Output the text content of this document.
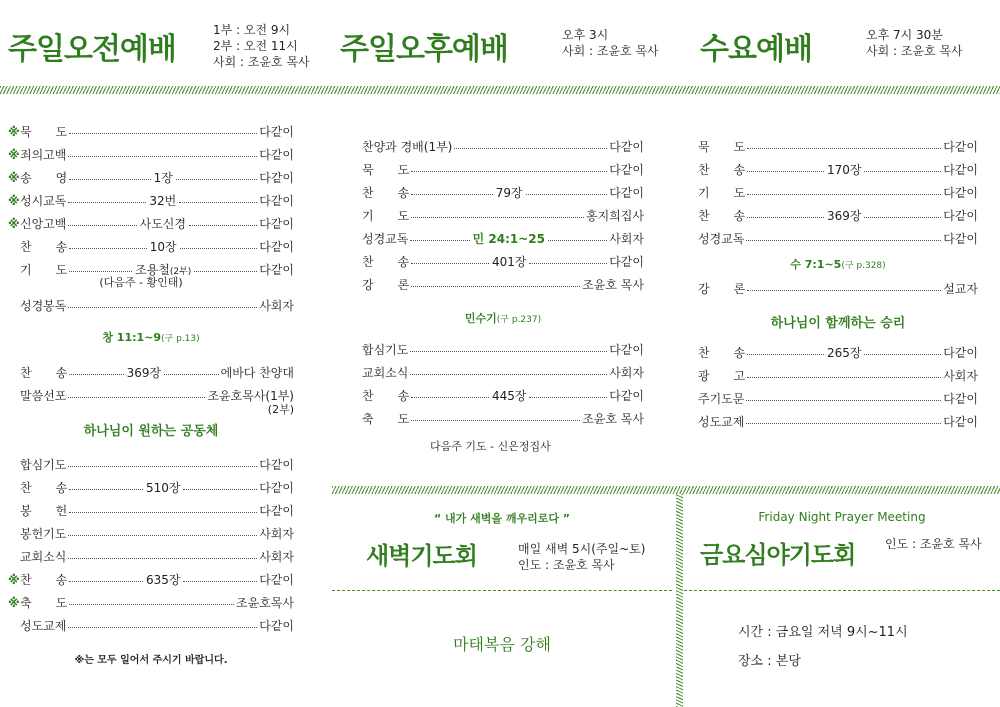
주일오전예배
1부 : 오전 9시
2부 : 오전 11시
사회 : 조윤호 목사 주일오후예배	오후 3시
사회 : 조윤호 목사 수요예배	오후 7시 30분
사회 : 조윤호 목사
※ 묵　　도	다같이
※ 죄의고백	다같이
※ 송　　영	1장	다같이
※ 성시교독	32번	다같이
※ 신앙고백	사도신경	다같이
찬　　송	10장	다같이
기　　도	조용철(2부)	다같이
(다음주 - 황인태)
성경봉독	사회자
창 11:1~9(구 p.13)
찬　　송	369장	에바다 찬양대
말씀선포	조윤호목사(1부)
(2부)
하나님이 원하는 공동체
합심기도	다같이
찬　　송	510장	다같이
봉　　헌	다같이
봉헌기도	사회자
교회소식	사회자
※ 찬　　송	635장	다같이
※ 축　　도	조윤호목사
성도교제	다같이
※는 모두 일어서 주시기 바랍니다.
찬양과 경배(1부)	다같이
묵　　도	다같이
찬　　송	79장	다같이
기　　도	홍지희집사
성경교독	민 24:1~25	사회자
찬　　송	401장	다같이
강　　론	조윤호 목사
민수기(구 p.237)
합심기도	다같이
교회소식	사회자
찬　　송	445장	다같이
축　　도	조윤호 목사
다음주 기도 - 신은정집사
묵　　도	다같이
찬　　송	170장	다같이
기　　도	다같이
찬　　송	369장	다같이
성경교독	다같이
수 7:1~5(구 p.328)
강　　론	설교자
하나님이 함께하는 승리
찬　　송	265장	다같이
광　　고	사회자
주기도문	다같이
성도교제	다같이
“ 내가 새벽을 깨우리로다 ”
새벽기도회	매일 새벽 5시(주일~토)
인도 : 조윤호 목사
마태복음 강해
Friday Night Prayer Meeting
금요심야기도회 인도 : 조윤호 목사
시간 : 금요일 저녁 9시~11시
장소 : 본당
